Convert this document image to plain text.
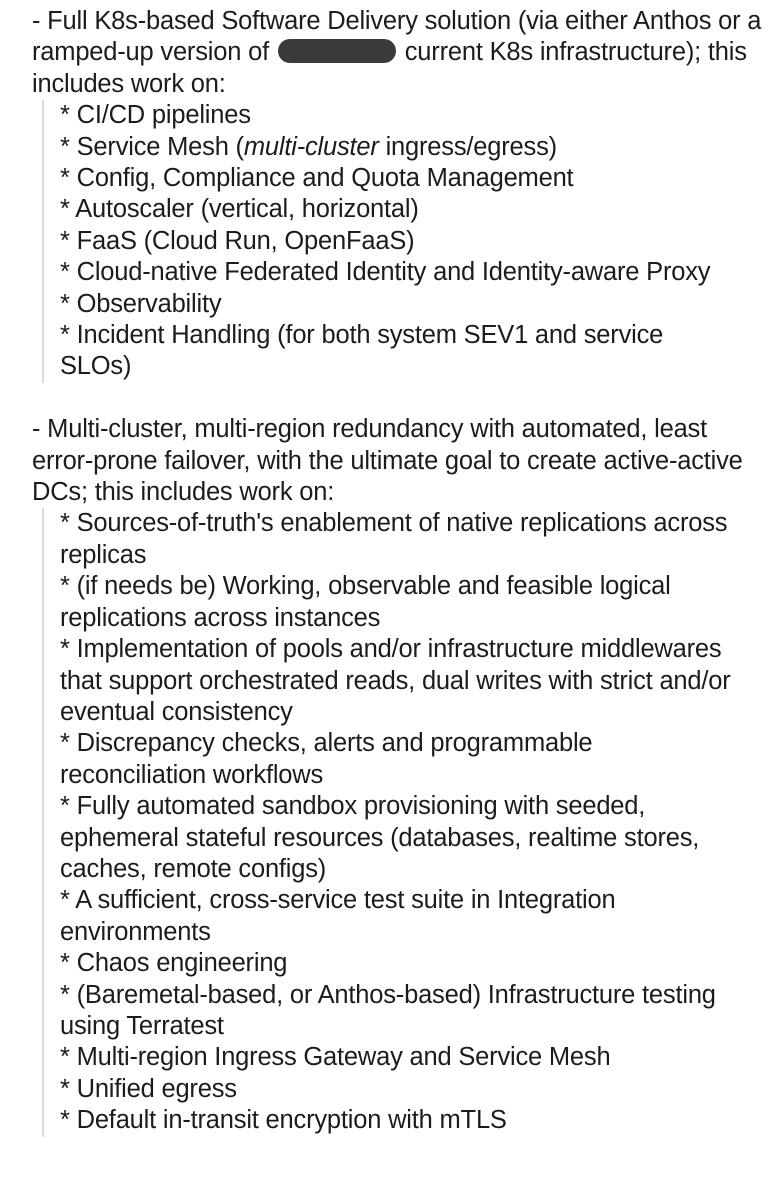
- Full K8s-based Software Delivery solution (via either Anthos or a ramped-up version of	current K8s infrastructure); this includes work on:

* CI/CD pipelines

* Service Mesh (multi-cluster ingress/egress)

* Config, Compliance and Quota Management

* Autoscaler (vertical, horizontal)

* FaaS (Cloud Run, OpenFaaS)

* Cloud-native Federated Identity and Identity-aware Proxy

* Observability

* Incident Handling (for both system SEV1 and service SLOs)

- Multi-cluster, multi-region redundancy with automated, least error-prone failover, with the ultimate goal to create active-active DCs; this includes work on:

* Sources-of-truth's enablement of native replications across replicas

* (if needs be) Working, observable and feasible logical replications across instances

* Implementation of pools and/or infrastructure middlewares that support orchestrated reads, dual writes with strict and/or eventual consistency

* Discrepancy checks, alerts and programmable reconciliation workflows

* Fully automated sandbox provisioning with seeded, ephemeral stateful resources (databases, realtime stores, caches, remote configs)

* A sufficient, cross-service test suite in Integration environments

* Chaos engineering

* (Baremetal-based, or Anthos-based) Infrastructure testing using Terratest

* Multi-region Ingress Gateway and Service Mesh

* Unified egress

* Default in-transit encryption with mTLS
